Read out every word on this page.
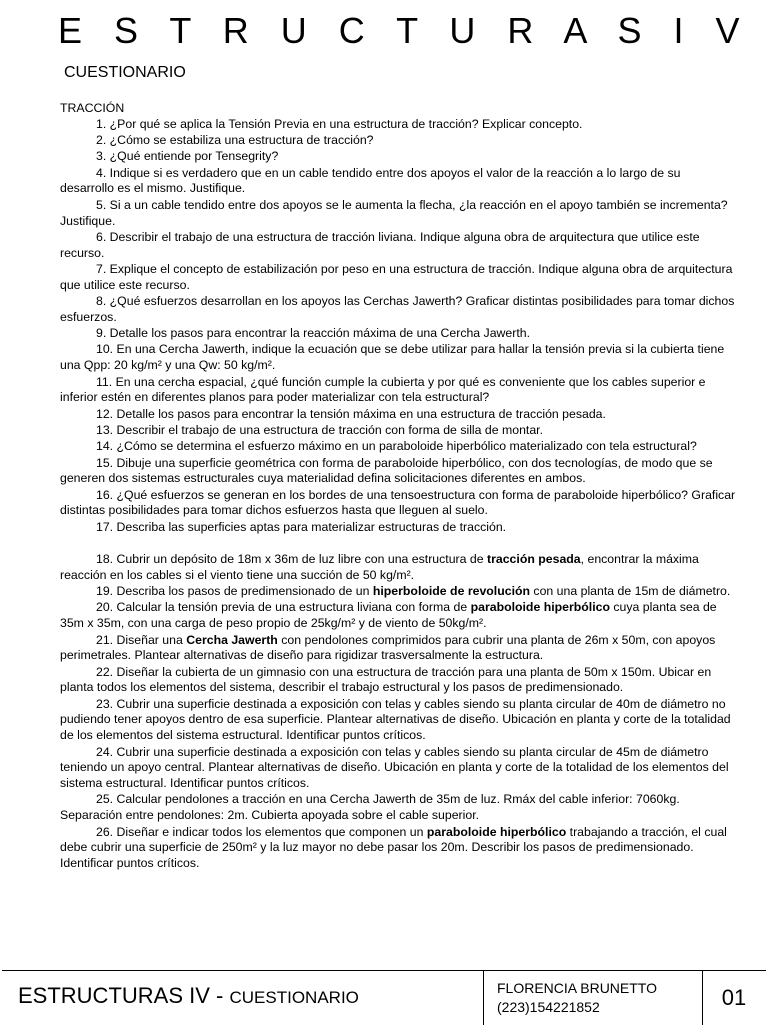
E S T R U C T U R A S I V
CUESTIONARIO

TRACCIÓN

1. ¿Por qué se aplica la Tensión Previa en una estructura de tracción? Explicar concepto.

2. ¿Cómo se estabiliza una estructura de tracción?

3. ¿Qué entiende por Tensegrity?

4. Indique si es verdadero que en un cable tendido entre dos apoyos el valor de la reacción a lo largo de su desarrollo es el mismo. Justifique.

5. Si a un cable tendido entre dos apoyos se le aumenta la flecha, ¿la reacción en el apoyo también se incrementa? Justifique.

6. Describir el trabajo de una estructura de tracción liviana. Indique alguna obra de arquitectura que utilice este recurso.

7. Explique el concepto de estabilización por peso en una estructura de tracción. Indique alguna obra de arquitectura que utilice este recurso.

8. ¿Qué esfuerzos desarrollan en los apoyos las Cerchas Jawerth? Graficar distintas posibilidades para tomar dichos esfuerzos.

9. Detalle los pasos para encontrar la reacción máxima de una Cercha Jawerth.

10. En una Cercha Jawerth, indique la ecuación que se debe utilizar para hallar la tensión previa si la cubierta tiene una Qpp: 20 kg/m² y una Qw: 50 kg/m².

11. En una cercha espacial, ¿qué función cumple la cubierta y por qué es conveniente que los cables superior e inferior estén en diferentes planos para poder materializar con tela estructural?

12. Detalle los pasos para encontrar la tensión máxima en una estructura de tracción pesada.

13. Describir el trabajo de una estructura de tracción con forma de silla de montar.

14. ¿Cómo se determina el esfuerzo máximo en un paraboloide hiperbólico materializado con tela estructural?

15. Dibuje una superficie geométrica con forma de paraboloide hiperbólico, con dos tecnologías, de modo que se generen dos sistemas estructurales cuya materialidad defina solicitaciones diferentes en ambos.

16. ¿Qué esfuerzos se generan en los bordes de una tensoestructura con forma de paraboloide hiperbólico? Graficar distintas posibilidades para tomar dichos esfuerzos hasta que lleguen al suelo.

17. Describa las superficies aptas para materializar estructuras de tracción.

18. Cubrir un depósito de 18m x 36m de luz libre con una estructura de tracción pesada, encontrar la máxima reacción en los cables si el viento tiene una succión de 50 kg/m².

19. Describa los pasos de predimensionado de un hiperboloide de revolución con una planta de 15m de diámetro.

20. Calcular la tensión previa de una estructura liviana con forma de paraboloide hiperbólico cuya planta sea de 35m x 35m, con una carga de peso propio de 25kg/m² y de viento de 50kg/m².

21. Diseñar una Cercha Jawerth con pendolones comprimidos para cubrir una planta de 26m x 50m, con apoyos perimetrales. Plantear alternativas de diseño para rigidizar trasversalmente la estructura.

22. Diseñar la cubierta de un gimnasio con una estructura de tracción para una planta de 50m x 150m. Ubicar en planta todos los elementos del sistema, describir el trabajo estructural y los pasos de predimensionado.

23. Cubrir una superficie destinada a exposición con telas y cables siendo su planta circular de 40m de diámetro no pudiendo tener apoyos dentro de esa superficie. Plantear alternativas de diseño. Ubicación en planta y corte de la totalidad de los elementos del sistema estructural. Identificar puntos críticos.

24. Cubrir una superficie destinada a exposición con telas y cables siendo su planta circular de 45m de diámetro teniendo un apoyo central. Plantear alternativas de diseño. Ubicación en planta y corte de la totalidad de los elementos del sistema estructural. Identificar puntos críticos.

25. Calcular pendolones a tracción en una Cercha Jawerth de 35m de luz. Rmáx del cable inferior: 7060kg. Separación entre pendolones: 2m. Cubierta apoyada sobre el cable superior.

26. Diseñar e indicar todos los elementos que componen un paraboloide hiperbólico trabajando a tracción, el cual debe cubrir una superficie de 250m² y la luz mayor no debe pasar los 20m. Describir los pasos de predimensionado. Identificar puntos críticos.

ESTRUCTURAS IV - CUESTIONARIO	FLORENCIA BRUNETTO
(223)154221852	01
